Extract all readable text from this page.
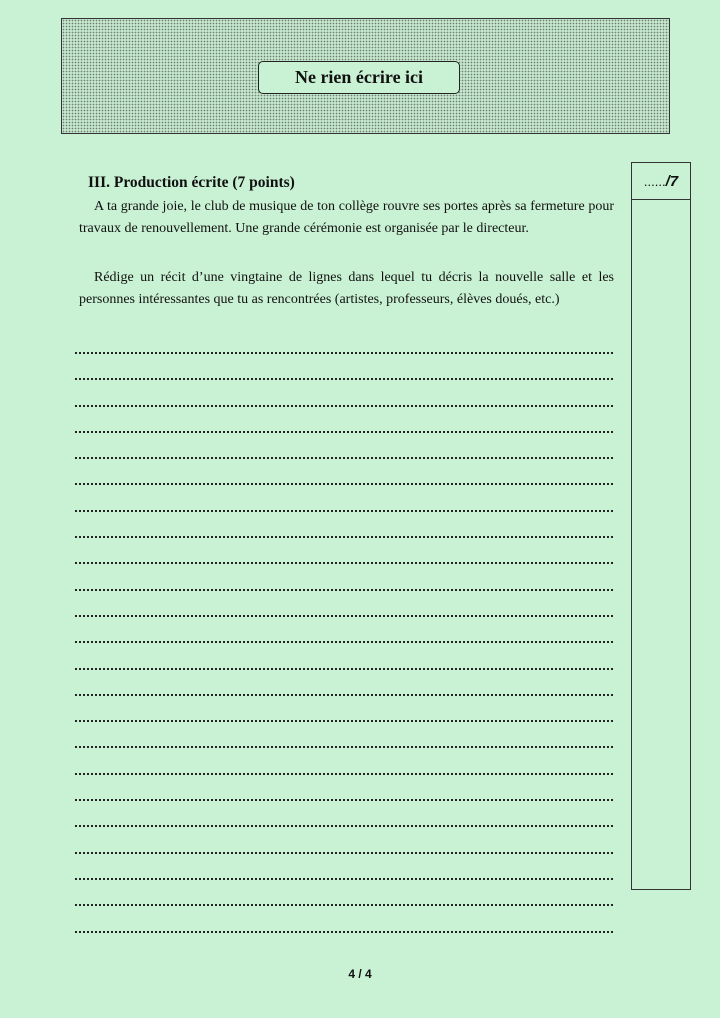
Ne rien écrire ici
III. Production écrite (7 points)

A ta grande joie, le club de musique de ton collège rouvre ses portes après sa fermeture pour travaux de renouvellement. Une grande cérémonie est organisée par le directeur.

Rédige un récit d’une vingtaine de lignes dans lequel tu décris la nouvelle salle et les personnes intéressantes que tu as rencontrées (artistes, professeurs, élèves doués, etc.)

...... /7
4 / 4
